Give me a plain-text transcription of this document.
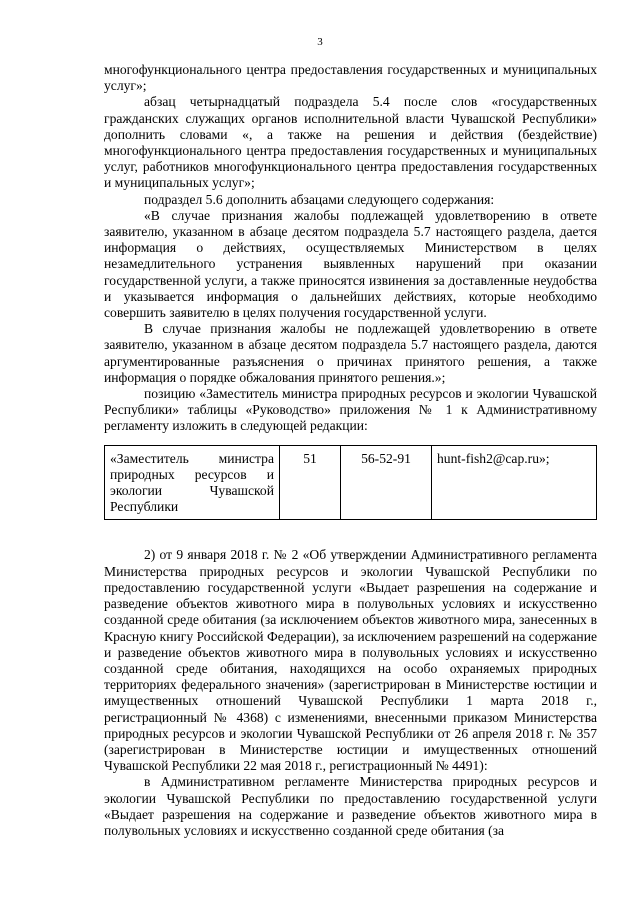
3

многофункционального центра предоставления государственных и муниципальных услуг»;

абзац четырнадцатый подраздела 5.4 после слов «государственных гражданских служащих органов исполнительной власти Чувашской Республики» дополнить словами «, а также на решения и действия (бездействие) многофункционального центра предоставления государственных и муниципальных услуг, работников многофункционального центра предоставления государственных и муниципальных услуг»;

подраздел 5.6 дополнить абзацами следующего содержания:

«В случае признания жалобы подлежащей удовлетворению в ответе заявителю, указанном в абзаце десятом подраздела 5.7 настоящего раздела, дается информация о действиях, осуществляемых Министерством в целях незамедлительного устранения выявленных нарушений при оказании государственной услуги, а также приносятся извинения за доставленные неудобства и указывается информация о дальнейших действиях, которые необходимо совершить заявителю в целях получения государственной услуги.

В случае признания жалобы не подлежащей удовлетворению в ответе заявителю, указанном в абзаце десятом подраздела 5.7 настоящего раздела, даются аргументированные разъяснения о причинах принятого решения, а также информация о порядке обжалования принятого решения.»;

позицию «Заместитель министра природных ресурсов и экологии Чувашской Республики» таблицы «Руководство» приложения № 1 к Административному регламенту изложить в следующей редакции:

«Заместитель министра природных ресурсов и экологии Чувашской Республики	51	56-52-91	hunt-fish2@cap.ru»;

2) от 9 января 2018 г. № 2 «Об утверждении Административного регламента Министерства природных ресурсов и экологии Чувашской Республики по предоставлению государственной услуги «Выдает разрешения на содержание и разведение объектов животного мира в полувольных условиях и искусственно созданной среде обитания (за исключением объектов животного мира, занесенных в Красную книгу Российской Федерации), за исключением разрешений на содержание и разведение объектов животного мира в полувольных условиях и искусственно созданной среде обитания, находящихся на особо охраняемых природных территориях федерального значения» (зарегистрирован в Министерстве юстиции и имущественных отношений Чувашской Республики 1 марта 2018 г., регистрационный № 4368) с изменениями, внесенными приказом Министерства природных ресурсов и экологии Чувашской Республики от 26 апреля 2018 г. № 357 (зарегистрирован в Министерстве юстиции и имущественных отношений Чувашской Республики 22 мая 2018 г., регистрационный № 4491):

в Административном регламенте Министерства природных ресурсов и экологии Чувашской Республики по предоставлению государственной услуги «Выдает разрешения на содержание и разведение объектов животного мира в полувольных условиях и искусственно созданной среде обитания (за
